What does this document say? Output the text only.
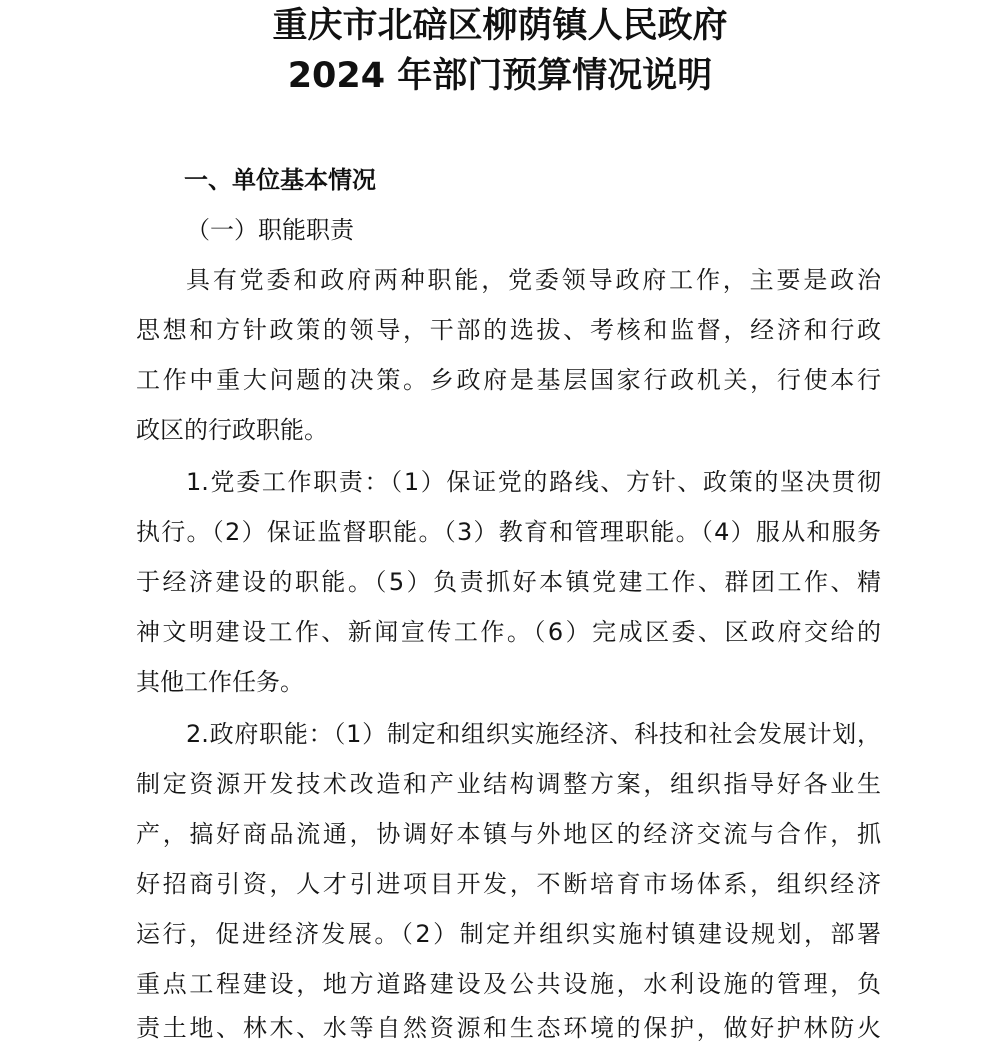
重庆市北碚区柳荫镇人民政府
2024 年部门预算情况说明
一、单位基本情况
（一）职能职责
具有党委和政府两种职能，党委领导政府工作，主要是政治
思想和方针政策的领导，干部的选拔、考核和监督，经济和行政
工作中重大问题的决策。乡政府是基层国家行政机关，行使本行
政区的行政职能。
1.党委工作职责：（1）保证党的路线、方针、政策的坚决贯彻
执行。（2）保证监督职能。（3）教育和管理职能。（4）服从和服务
于经济建设的职能。（5）负责抓好本镇党建工作、群团工作、精
神文明建设工作、新闻宣传工作。（6）完成区委、区政府交给的
其他工作任务。
2.政府职能：（1）制定和组织实施经济、科技和社会发展计划，
制定资源开发技术改造和产业结构调整方案，组织指导好各业生
产，搞好商品流通，协调好本镇与外地区的经济交流与合作，抓
好招商引资，人才引进项目开发，不断培育市场体系，组织经济
运行，促进经济发展。（2）制定并组织实施村镇建设规划，部署
重点工程建设，地方道路建设及公共设施，水利设施的管理，负
责土地、林木、水等自然资源和生态环境的保护，做好护林防火
